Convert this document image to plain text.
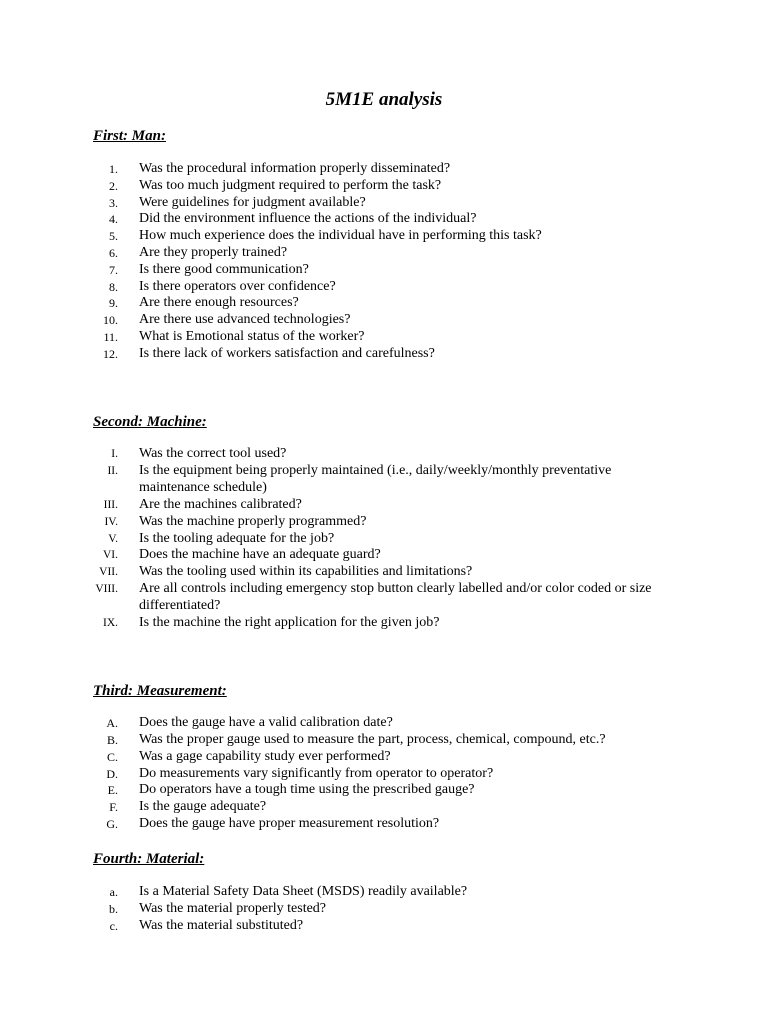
5M1E analysis
First: Man:
1. Was the procedural information properly disseminated?
2. Was too much judgment required to perform the task?
3. Were guidelines for judgment available?
4. Did the environment influence the actions of the individual?
5. How much experience does the individual have in performing this task?
6. Are they properly trained?
7. Is there good communication?
8. Is there operators over confidence?
9. Are there enough resources?
10. Are there use advanced technologies?
11. What is Emotional status of the worker?
12. Is there lack of workers satisfaction and carefulness?
Second: Machine:
I. Was the correct tool used?
II. Is the equipment being properly maintained (i.e., daily/weekly/monthly preventative maintenance schedule)
III. Are the machines calibrated?
IV. Was the machine properly programmed?
V. Is the tooling adequate for the job?
VI. Does the machine have an adequate guard?
VII. Was the tooling used within its capabilities and limitations?
VIII. Are all controls including emergency stop button clearly labelled and/or color coded or size differentiated?
IX. Is the machine the right application for the given job?
Third: Measurement:
A. Does the gauge have a valid calibration date?
B. Was the proper gauge used to measure the part, process, chemical, compound, etc.?
C. Was a gage capability study ever performed?
D. Do measurements vary significantly from operator to operator?
E. Do operators have a tough time using the prescribed gauge?
F. Is the gauge adequate?
G. Does the gauge have proper measurement resolution?
Fourth: Material:
a. Is a Material Safety Data Sheet (MSDS) readily available?
b. Was the material properly tested?
c. Was the material substituted?
